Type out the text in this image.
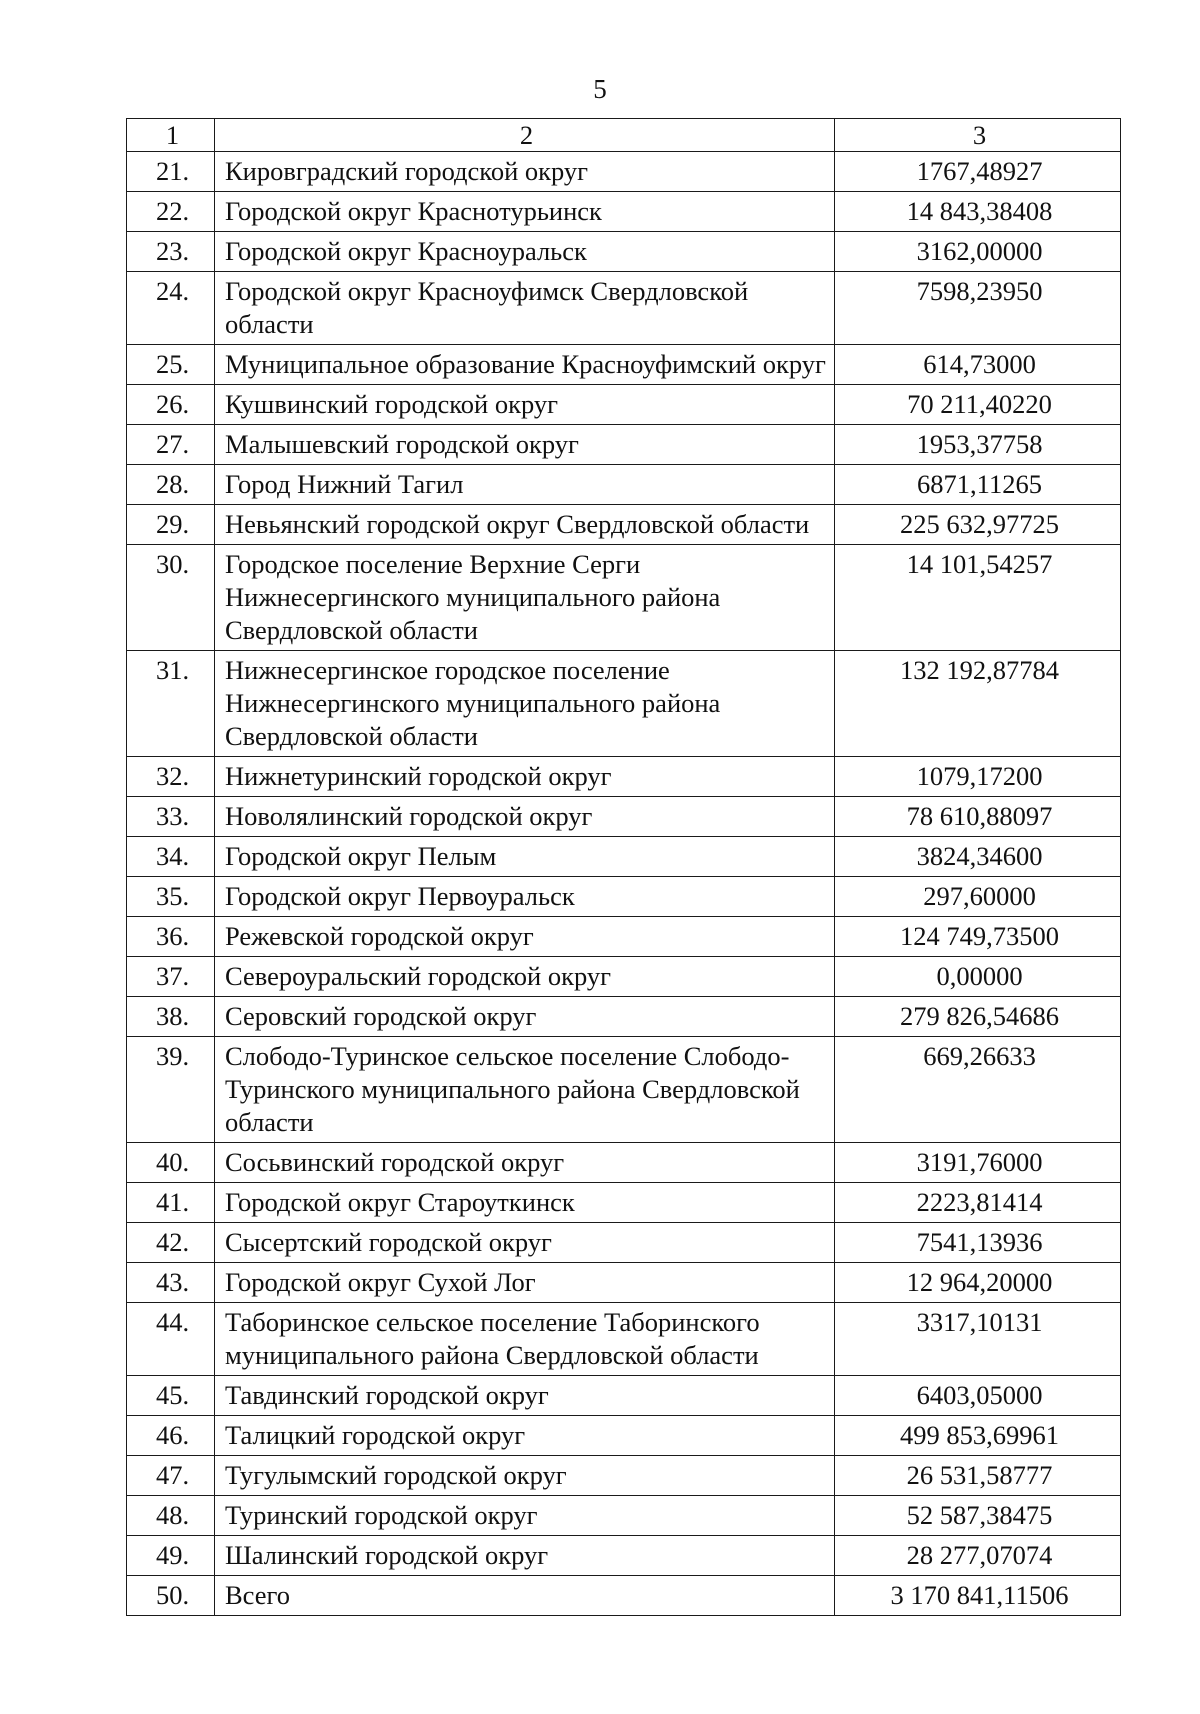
5
1	2	3
21.	Кировградский городской округ	1767,48927
22.	Городской округ Краснотурьинск	14 843,38408
23.	Городской округ Красноуральск	3162,00000
24.	Городской округ Красноуфимск Свердловской области	7598,23950
25.	Муниципальное образование Красноуфимский округ	614,73000
26.	Кушвинский городской округ	70 211,40220
27.	Малышевский городской округ	1953,37758
28.	Город Нижний Тагил	6871,11265
29.	Невьянский городской округ Свердловской области	225 632,97725
30.	Городское поселение Верхние Серги Нижнесергинского муниципального района Свердловской области	14 101,54257
31.	Нижнесергинское городское поселение Нижнесергинского муниципального района Свердловской области	132 192,87784
32.	Нижнетуринский городской округ	1079,17200
33.	Новолялинский городской округ	78 610,88097
34.	Городской округ Пелым	3824,34600
35.	Городской округ Первоуральск	297,60000
36.	Режевской городской округ	124 749,73500
37.	Североуральский городской округ	0,00000
38.	Серовский городской округ	279 826,54686
39.	Слободо-Туринское сельское поселение Слободо-Туринского муниципального района Свердловской области	669,26633
40.	Сосьвинский городской округ	3191,76000
41.	Городской округ Староуткинск	2223,81414
42.	Сысертский городской округ	7541,13936
43.	Городской округ Сухой Лог	12 964,20000
44.	Таборинское сельское поселение Таборинского муниципального района Свердловской области	3317,10131
45.	Тавдинский городской округ	6403,05000
46.	Талицкий городской округ	499 853,69961
47.	Тугулымский городской округ	26 531,58777
48.	Туринский городской округ	52 587,38475
49.	Шалинский городской округ	28 277,07074
50.	Всего	3 170 841,11506
